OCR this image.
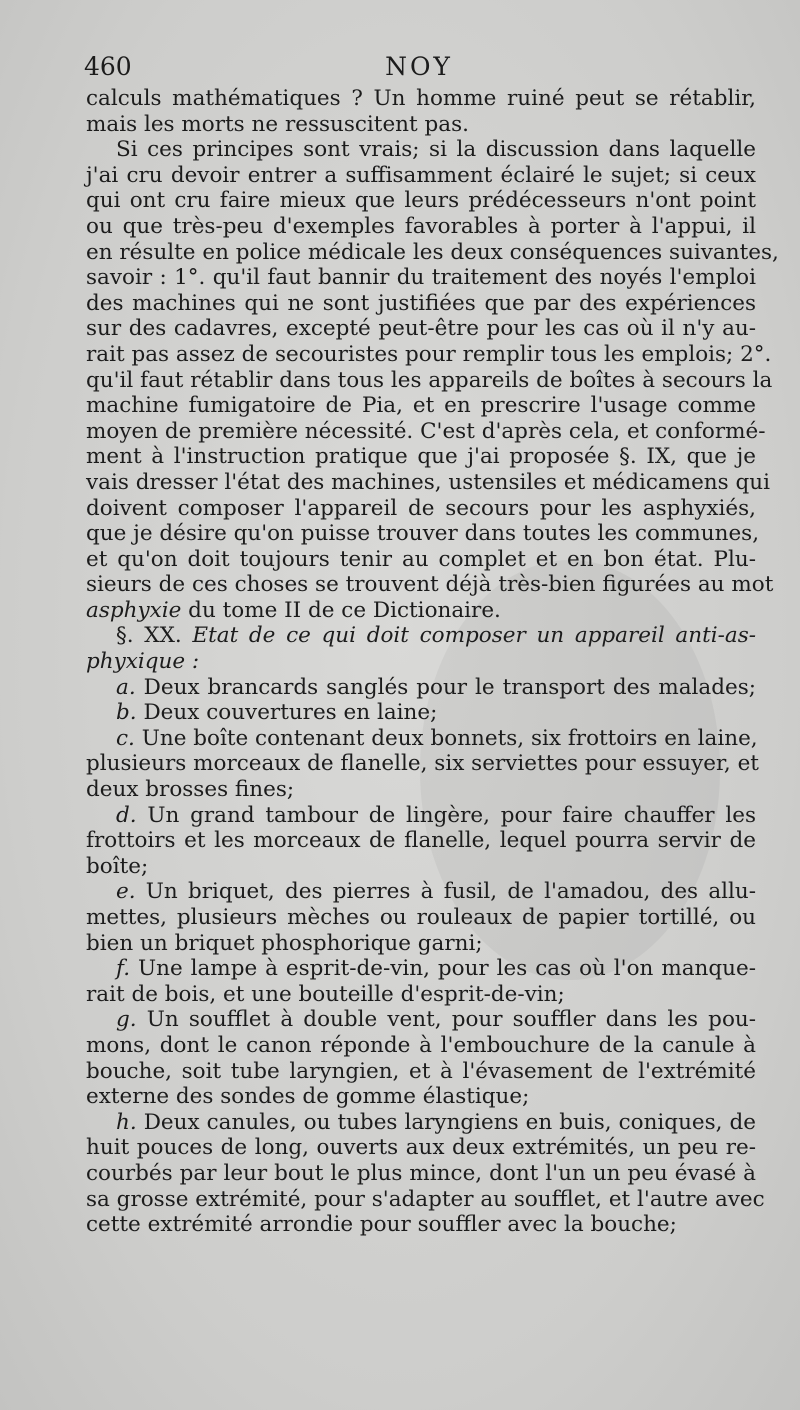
460	NOY
calculs mathématiques ? Un homme ruiné peut se rétablir,
mais les morts ne ressuscitent pas.
Si ces principes sont vrais; si la discussion dans laquelle
j'ai cru devoir entrer a suffisamment éclairé le sujet; si ceux
qui ont cru faire mieux que leurs prédécesseurs n'ont point
ou que très-peu d'exemples favorables à porter à l'appui, il
en résulte en police médicale les deux conséquences suivantes,
savoir : 1°. qu'il faut bannir du traitement des noyés l'emploi
des machines qui ne sont justifiées que par des expériences
sur des cadavres, excepté peut-être pour les cas où il n'y au-
rait pas assez de secouristes pour remplir tous les emplois; 2°.
qu'il faut rétablir dans tous les appareils de boîtes à secours la
machine fumigatoire de Pia, et en prescrire l'usage comme
moyen de première nécessité. C'est d'après cela, et conformé-
ment à l'instruction pratique que j'ai proposée §. IX, que je
vais dresser l'état des machines, ustensiles et médicamens qui
doivent composer l'appareil de secours pour les asphyxiés,
que je désire qu'on puisse trouver dans toutes les communes,
et qu'on doit toujours tenir au complet et en bon état. Plu-
sieurs de ces choses se trouvent déjà très-bien figurées au mot
asphyxie du tome II de ce Dictionaire.
§. XX. Etat de ce qui doit composer un appareil anti-as-
phyxique :
a. Deux brancards sanglés pour le transport des malades;
b. Deux couvertures en laine;
c. Une boîte contenant deux bonnets, six frottoirs en laine,
plusieurs morceaux de flanelle, six serviettes pour essuyer, et
deux brosses fines;
d. Un grand tambour de lingère, pour faire chauffer les
frottoirs et les morceaux de flanelle, lequel pourra servir de
boîte;
e. Un briquet, des pierres à fusil, de l'amadou, des allu-
mettes, plusieurs mèches ou rouleaux de papier tortillé, ou
bien un briquet phosphorique garni;
f. Une lampe à esprit-de-vin, pour les cas où l'on manque-
rait de bois, et une bouteille d'esprit-de-vin;
g. Un soufflet à double vent, pour souffler dans les pou-
mons, dont le canon réponde à l'embouchure de la canule à
bouche, soit tube laryngien, et à l'évasement de l'extrémité
externe des sondes de gomme élastique;
h. Deux canules, ou tubes laryngiens en buis, coniques, de
huit pouces de long, ouverts aux deux extrémités, un peu re-
courbés par leur bout le plus mince, dont l'un un peu évasé à
sa grosse extrémité, pour s'adapter au soufflet, et l'autre avec
cette extrémité arrondie pour souffler avec la bouche;
